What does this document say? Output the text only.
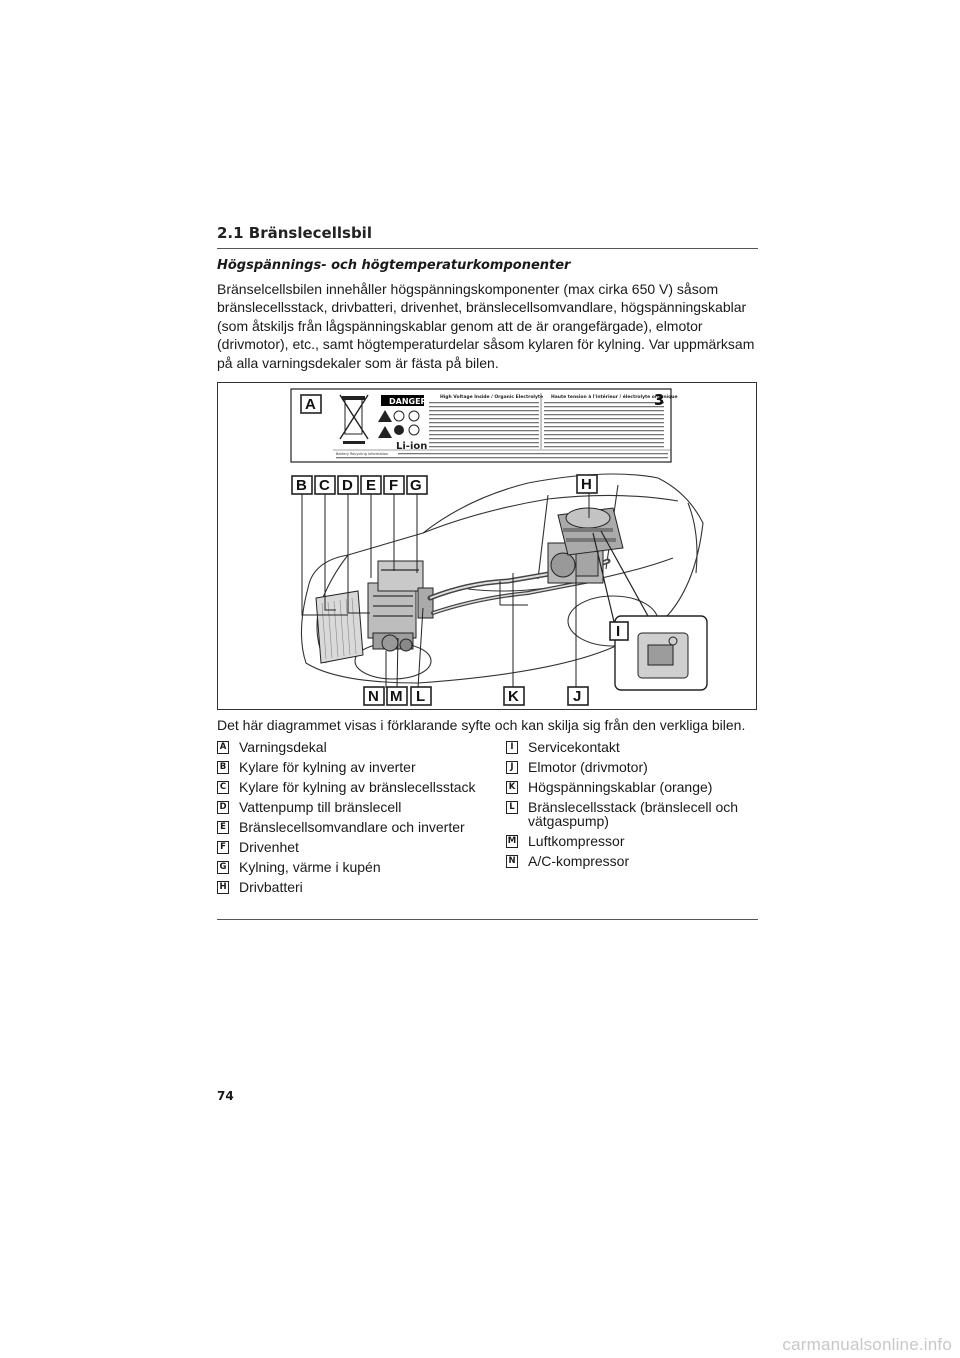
2.1 Bränslecellsbil
Högspännings- och högtemperaturkomponenter
Bränselcellsbilen innehåller högspänningskomponenter (max cirka 650 V) såsom bränslecellsstack, drivbatteri, drivenhet, bränslecellsomvandlare, högspänningskablar (som åtskiljs från lågspänningskablar genom att de är orangefärgade), elmotor (drivmotor), etc., samt högtemperaturdelar såsom kylaren för kylning. Var uppmärksam på alla varningsdekaler som är fästa på bilen.
DANGER
Li-ion
High Voltage Inside / Organic Electrolyte Haute tension à l'intérieur / électrolyte organique
Battery Recycling Information
3
A
B C D E F G	H
I
J
K
L
M
N
Det här diagrammet visas i förklarande syfte och kan skilja sig från den verkliga bilen.
A Varningsdekal
B Kylare för kylning av inverter
C Kylare för kylning av bränslecellsstack
D Vattenpump till bränslecell
E Bränslecellsomvandlare och inverter
F Drivenhet
G Kylning, värme i kupén
H Drivbatteri
I	Servicekontakt
J	Elmotor (drivmotor)
K Högspänningskablar (orange)
L Bränslecellsstack (bränslecell och vätgaspump)
M Luftkompressor
N A/C-kompressor
74
carmanualsonline.info
